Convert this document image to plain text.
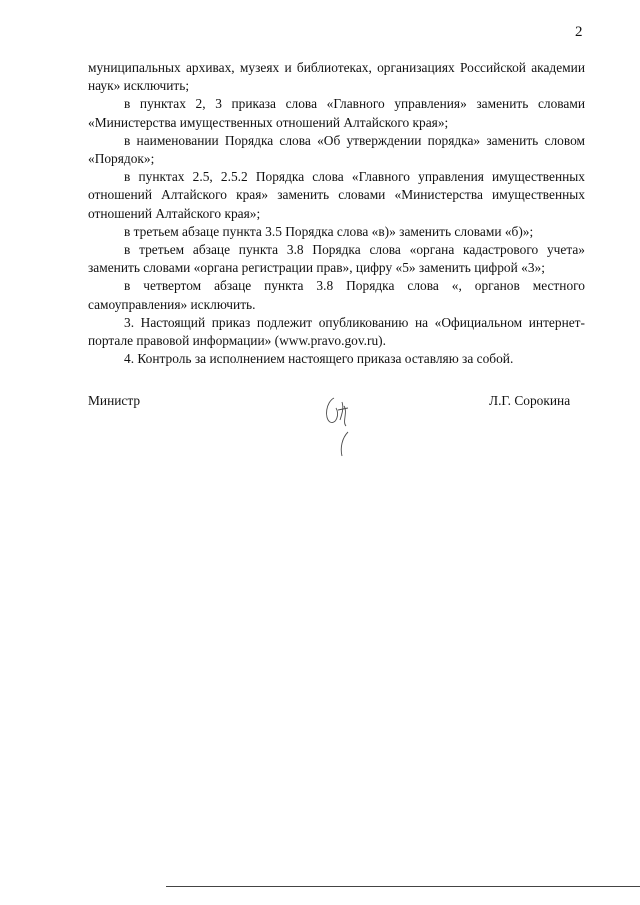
2

муниципальных архивах, музеях и библиотеках, организациях Российской академии наук» исключить;

в пунктах 2, 3 приказа слова «Главного управления» заменить словами «Министерства имущественных отношений Алтайского края»;

в наименовании Порядка слова «Об утверждении порядка» заменить словом «Порядок»;

в пунктах 2.5, 2.5.2 Порядка слова «Главного управления имущественных отношений Алтайского края» заменить словами «Министерства имущественных отношений Алтайского края»;

в третьем абзаце пункта 3.5 Порядка слова «в)» заменить словами «б)»;

в третьем абзаце пункта 3.8 Порядка слова «органа кадастрового учета» заменить словами «органа регистрации прав», цифру «5» заменить цифрой «3»;

в четвертом абзаце пункта 3.8 Порядка слова «, органов местного самоуправления» исключить.

3. Настоящий приказ подлежит опубликованию на «Официальном интернет-портале правовой информации» (www.pravo.gov.ru).

4. Контроль за исполнением настоящего приказа оставляю за собой.

Министр	Л.Г. Сорокина
